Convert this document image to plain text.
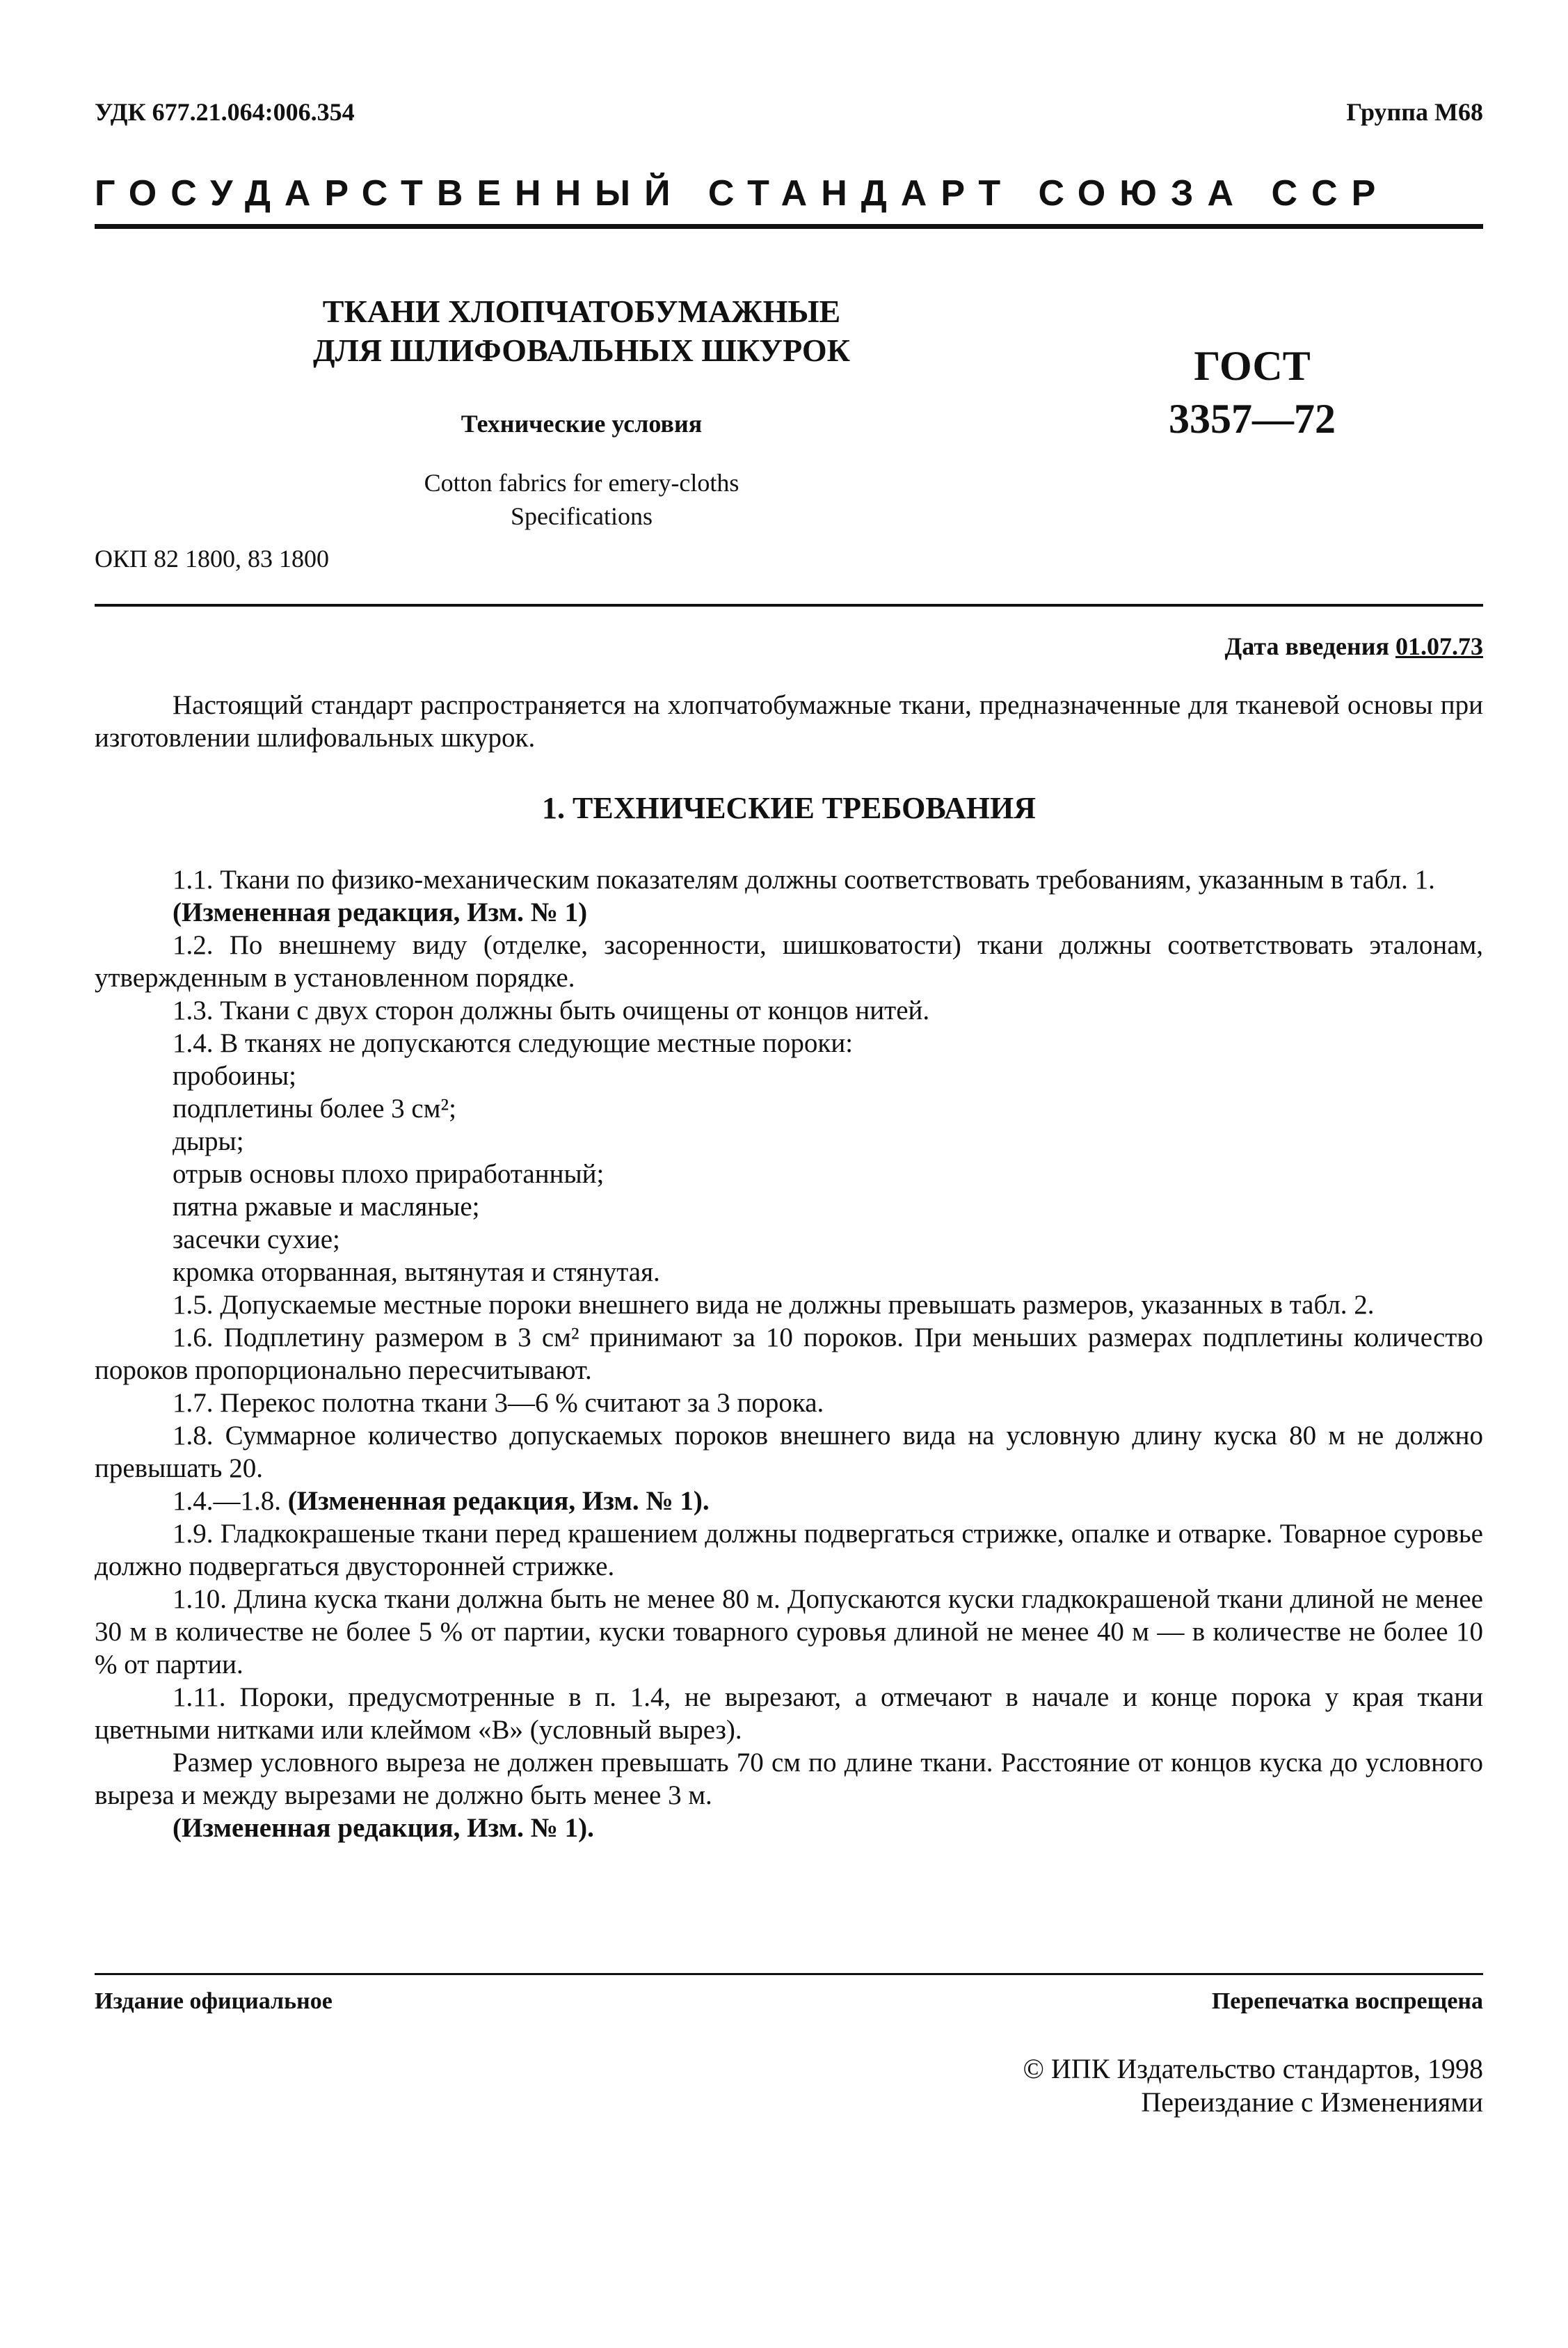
УДК 677.21.064:006.354	Группа М68
ГОСУДАРСТВЕННЫЙ СТАНДАРТ СОЮЗА ССР
ТКАНИ ХЛОПЧАТОБУМАЖНЫЕ
ДЛЯ ШЛИФОВАЛЬНЫХ ШКУРОК
Технические условия
Cotton fabrics for emery-cloths
Specifications
ГОСТ
3357—72
ОКП 82 1800, 83 1800
Дата введения 01.07.73

Настоящий стандарт распространяется на хлопчатобумажные ткани, предназначенные для тканевой основы при изготовлении шлифовальных шкурок.

1. ТЕХНИЧЕСКИЕ ТРЕБОВАНИЯ

1.1. Ткани по физико-механическим показателям должны соответствовать требованиям, указанным в табл. 1.

(Измененная редакция, Изм. № 1)

1.2. По внешнему виду (отделке, засоренности, шишковатости) ткани должны соответствовать эталонам, утвержденным в установленном порядке.

1.3. Ткани с двух сторон должны быть очищены от концов нитей.

1.4. В тканях не допускаются следующие местные пороки:

пробоины;

подплетины более 3 см²;

дыры;

отрыв основы плохо приработанный;

пятна ржавые и масляные;

засечки сухие;

кромка оторванная, вытянутая и стянутая.

1.5. Допускаемые местные пороки внешнего вида не должны превышать размеров, указанных в табл. 2.

1.6. Подплетину размером в 3 см² принимают за 10 пороков. При меньших размерах подплетины количество пороков пропорционально пересчитывают.

1.7. Перекос полотна ткани 3—6 % считают за 3 порока.

1.8. Суммарное количество допускаемых пороков внешнего вида на условную длину куска 80 м не должно превышать 20.

1.4.—1.8. (Измененная редакция, Изм. № 1).

1.9. Гладкокрашеные ткани перед крашением должны подвергаться стрижке, опалке и отварке. Товарное суровье должно подвергаться двусторонней стрижке.

1.10. Длина куска ткани должна быть не менее 80 м. Допускаются куски гладкокрашеной ткани длиной не менее 30 м в количестве не более 5 % от партии, куски товарного суровья длиной не менее 40 м — в количестве не более 10 % от партии.

1.11. Пороки, предусмотренные в п. 1.4, не вырезают, а отмечают в начале и конце порока у края ткани цветными нитками или клеймом «В» (условный вырез).

Размер условного выреза не должен превышать 70 см по длине ткани. Расстояние от концов куска до условного выреза и между вырезами не должно быть менее 3 м.

(Измененная редакция, Изм. № 1).

Издание официальное	Перепечатка воспрещена
© ИПК Издательство стандартов, 1998
Переиздание с Изменениями
